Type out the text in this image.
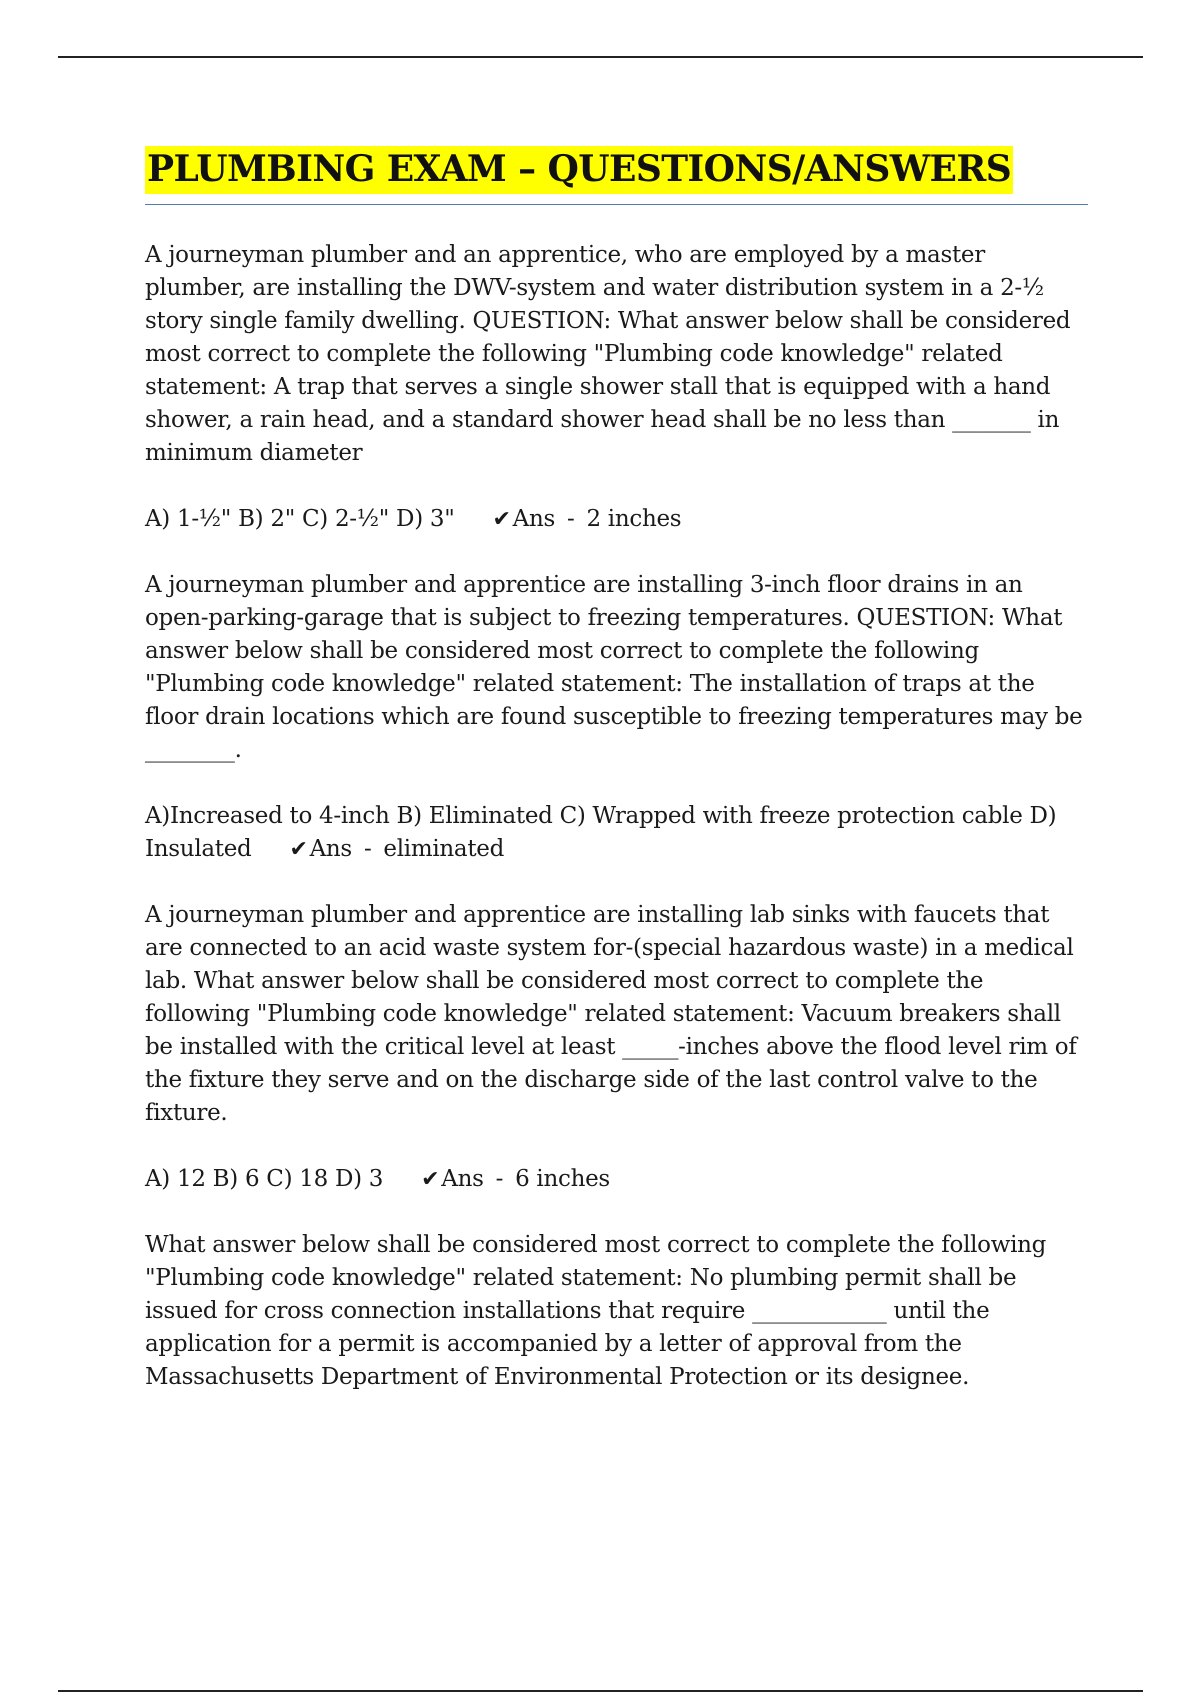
PLUMBING EXAM – QUESTIONS/ANSWERS

A journeyman plumber and an apprentice, who are employed by a master plumber, are installing the DWV-system and water distribution system in a 2-½ story single family dwelling. QUESTION: What answer below shall be considered most correct to complete the following "Plumbing code knowledge" related statement: A trap that serves a single shower stall that is equipped with a hand shower, a rain head, and a standard shower head shall be no less than _______ in minimum diameter

A) 1-½" B) 2" C) 2-½" D) 3" ✔Ans - 2 inches

A journeyman plumber and apprentice are installing 3-inch floor drains in an open-parking-garage that is subject to freezing temperatures. QUESTION: What answer below shall be considered most correct to complete the following "Plumbing code knowledge" related statement: The installation of traps at the floor drain locations which are found susceptible to freezing temperatures may be ________.

A)Increased to 4-inch B) Eliminated C) Wrapped with freeze protection cable D) Insulated ✔Ans - eliminated

A journeyman plumber and apprentice are installing lab sinks with faucets that are connected to an acid waste system for-(special hazardous waste) in a medical lab. What answer below shall be considered most correct to complete the following "Plumbing code knowledge" related statement: Vacuum breakers shall be installed with the critical level at least _____-inches above the flood level rim of the fixture they serve and on the discharge side of the last control valve to the fixture.

A) 12 B) 6 C) 18 D) 3 ✔Ans - 6 inches

What answer below shall be considered most correct to complete the following "Plumbing code knowledge" related statement: No plumbing permit shall be issued for cross connection installations that require ____________ until the application for a permit is accompanied by a letter of approval from the Massachusetts Department of Environmental Protection or its designee.
